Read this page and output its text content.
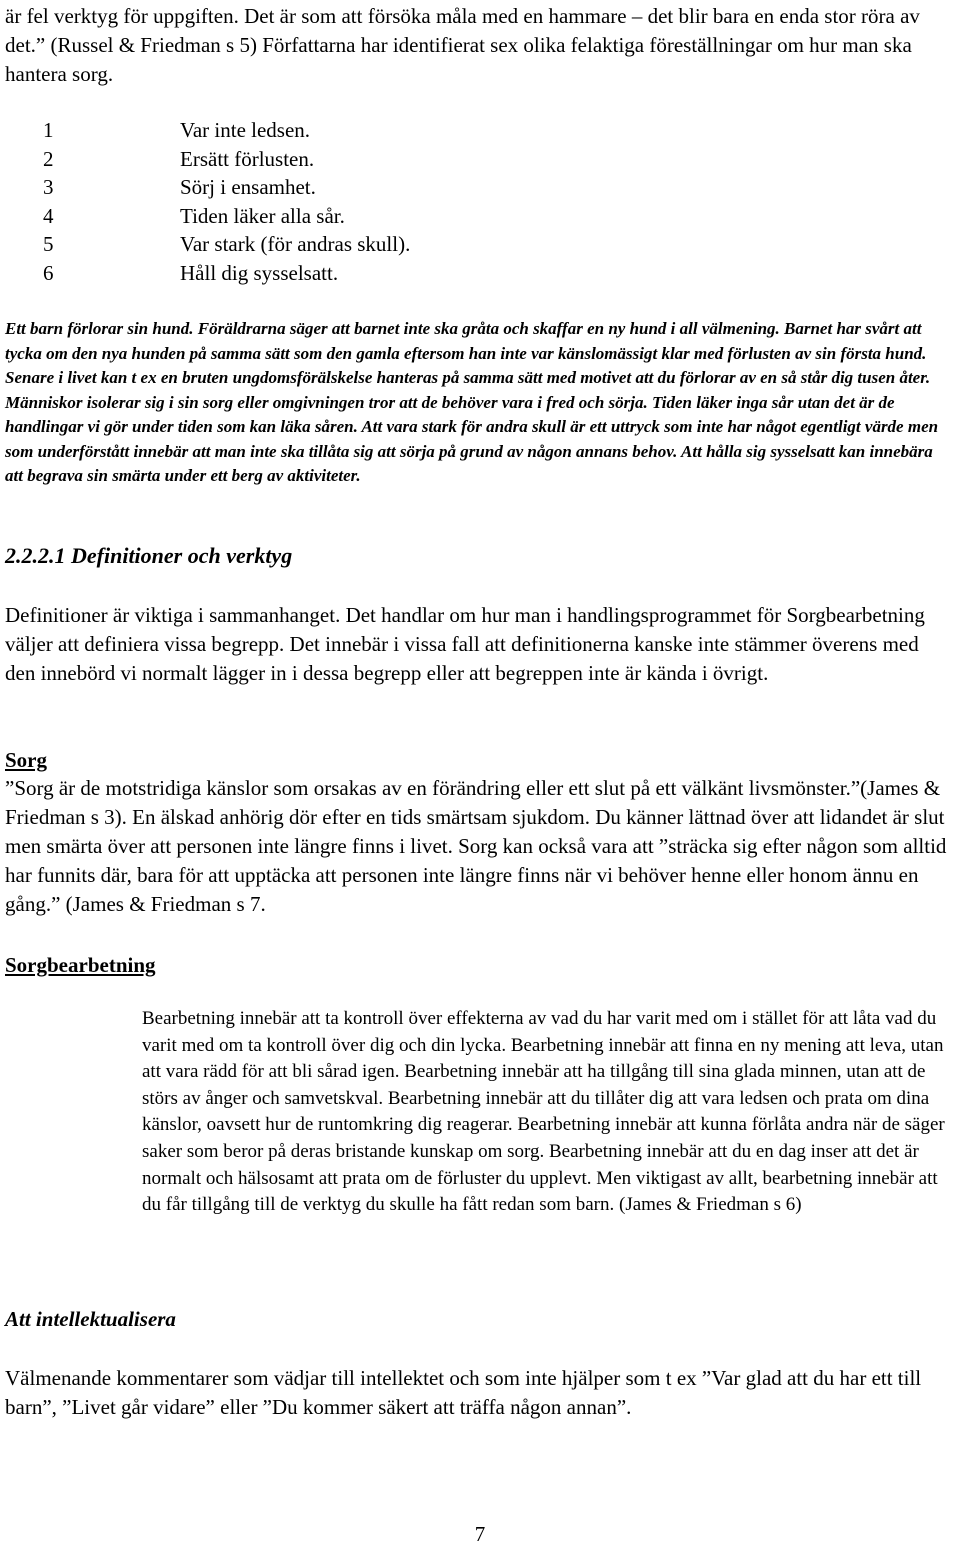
är fel verktyg för uppgiften. Det är som att försöka måla med en hammare – det blir bara en enda stor röra av det.” (Russel & Friedman s 5) Författarna har identifierat sex olika felaktiga föreställningar om hur man ska hantera sorg.

1	Var inte ledsen.
2	Ersätt förlusten.
3	Sörj i ensamhet.
4	Tiden läker alla sår.
5	Var stark (för andras skull).
6	Håll dig sysselsatt.

Ett barn förlorar sin hund. Föräldrarna säger att barnet inte ska gråta och skaffar en ny hund i all välmening. Barnet har svårt att tycka om den nya hunden på samma sätt som den gamla eftersom han inte var känslomässigt klar med förlusten av sin första hund. Senare i livet kan t ex en bruten ungdomsförälskelse hanteras på samma sätt med motivet att du förlorar av en så står dig tusen åter. Människor isolerar sig i sin sorg eller omgivningen tror att de behöver vara i fred och sörja. Tiden läker inga sår utan det är de handlingar vi gör under tiden som kan läka såren. Att vara stark för andra skull är ett uttryck som inte har något egentligt värde men som underförstått innebär att man inte ska tillåta sig att sörja på grund av någon annans behov. Att hålla sig sysselsatt kan innebära att begrava sin smärta under ett berg av aktiviteter.

2.2.2.1 Definitioner och verktyg

Definitioner är viktiga i sammanhanget. Det handlar om hur man i handlingsprogrammet för Sorgbearbetning väljer att definiera vissa begrepp. Det innebär i vissa fall att definitionerna kanske inte stämmer överens med den innebörd vi normalt lägger in i dessa begrepp eller att begreppen inte är kända i övrigt.

Sorg

”Sorg är de motstridiga känslor som orsakas av en förändring eller ett slut på ett välkänt livsmönster.”(James & Friedman s 3). En älskad anhörig dör efter en tids smärtsam sjukdom. Du känner lättnad över att lidandet är slut men smärta över att personen inte längre finns i livet. Sorg kan också vara att ”sträcka sig efter någon som alltid har funnits där, bara för att upptäcka att personen inte längre finns när vi behöver henne eller honom ännu en gång.” (James & Friedman s 7.

Sorgbearbetning

Bearbetning innebär att ta kontroll över effekterna av vad du har varit med om i stället för att låta vad du varit med om ta kontroll över dig och din lycka. Bearbetning innebär att finna en ny mening att leva, utan att vara rädd för att bli sårad igen. Bearbetning innebär att ha tillgång till sina glada minnen, utan att de störs av ånger och samvetskval. Bearbetning innebär att du tillåter dig att vara ledsen och prata om dina känslor, oavsett hur de runtomkring dig reagerar. Bearbetning innebär att kunna förlåta andra när de säger saker som beror på deras bristande kunskap om sorg. Bearbetning innebär att du en dag inser att det är normalt och hälsosamt att prata om de förluster du upplevt. Men viktigast av allt, bearbetning innebär att du får tillgång till de verktyg du skulle ha fått redan som barn. (James & Friedman s 6)

Att intellektualisera

Välmenande kommentarer som vädjar till intellektet och som inte hjälper som t ex ”Var glad att du har ett till barn”, ”Livet går vidare” eller ”Du kommer säkert att träffa någon annan”.

7
